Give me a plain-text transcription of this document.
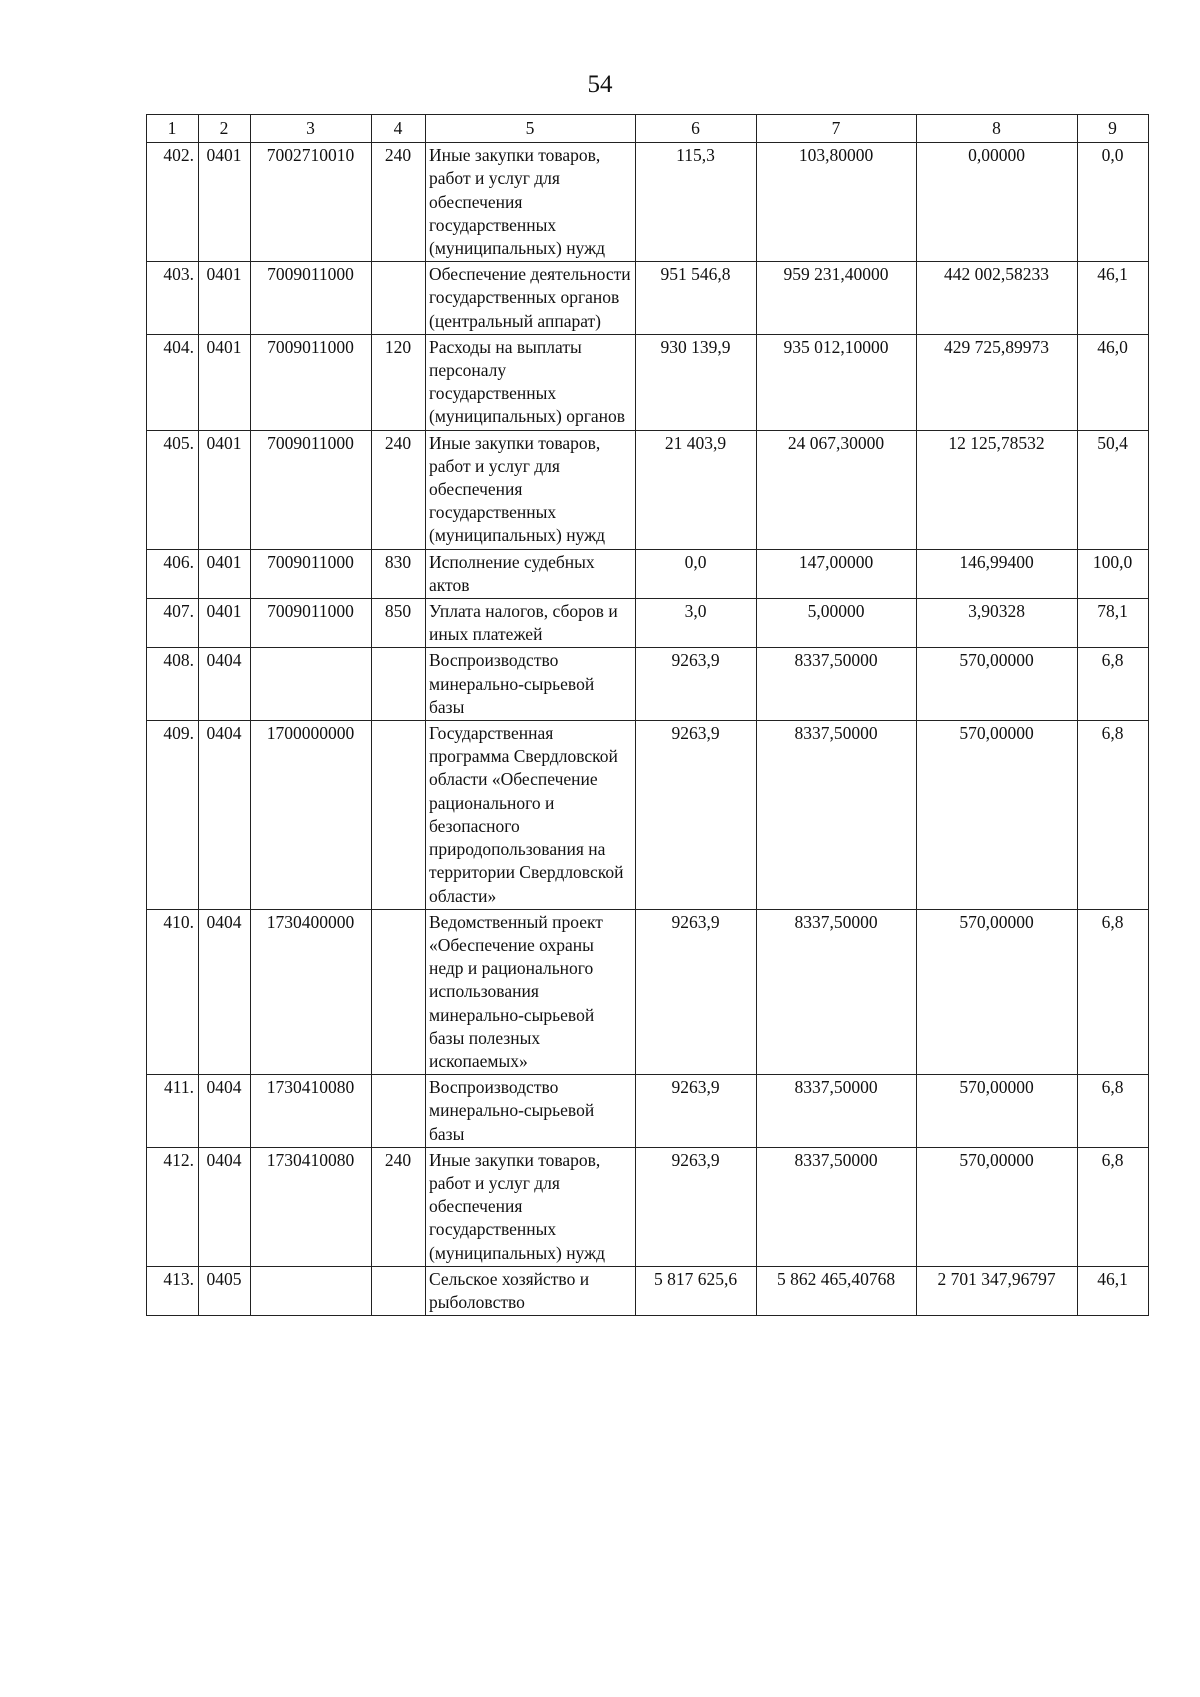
54
1	2	3	4	5	6	7	8	9
402.	0401	7002710010	240	Иные закупки товаров, работ и услуг для обеспечения государственных (муниципальных) нужд	115,3	103,80000	0,00000	0,0
403.	0401	7009011000		Обеспечение деятельности государственных органов (центральный аппарат)	951 546,8	959 231,40000	442 002,58233	46,1
404.	0401	7009011000	120	Расходы на выплаты персоналу государственных (муниципальных) органов	930 139,9	935 012,10000	429 725,89973	46,0
405.	0401	7009011000	240	Иные закупки товаров, работ и услуг для обеспечения государственных (муниципальных) нужд	21 403,9	24 067,30000	12 125,78532	50,4
406.	0401	7009011000	830	Исполнение судебных актов	0,0	147,00000	146,99400	100,0
407.	0401	7009011000	850	Уплата налогов, сборов и иных платежей	3,0	5,00000	3,90328	78,1
408.	0404			Воспроизводство минерально-сырьевой базы	9263,9	8337,50000	570,00000	6,8
409.	0404	1700000000		Государственная программа Свердловской области «Обеспечение рационального и безопасного природопользования на территории Свердловской области»	9263,9	8337,50000	570,00000	6,8
410.	0404	1730400000		Ведомственный проект «Обеспечение охраны недр и рационального использования минерально-сырьевой базы полезных ископаемых»	9263,9	8337,50000	570,00000	6,8
411.	0404	1730410080		Воспроизводство минерально-сырьевой базы	9263,9	8337,50000	570,00000	6,8
412.	0404	1730410080	240	Иные закупки товаров, работ и услуг для обеспечения государственных (муниципальных) нужд	9263,9	8337,50000	570,00000	6,8
413.	0405			Сельское хозяйство и рыболовство	5 817 625,6	5 862 465,40768	2 701 347,96797	46,1
